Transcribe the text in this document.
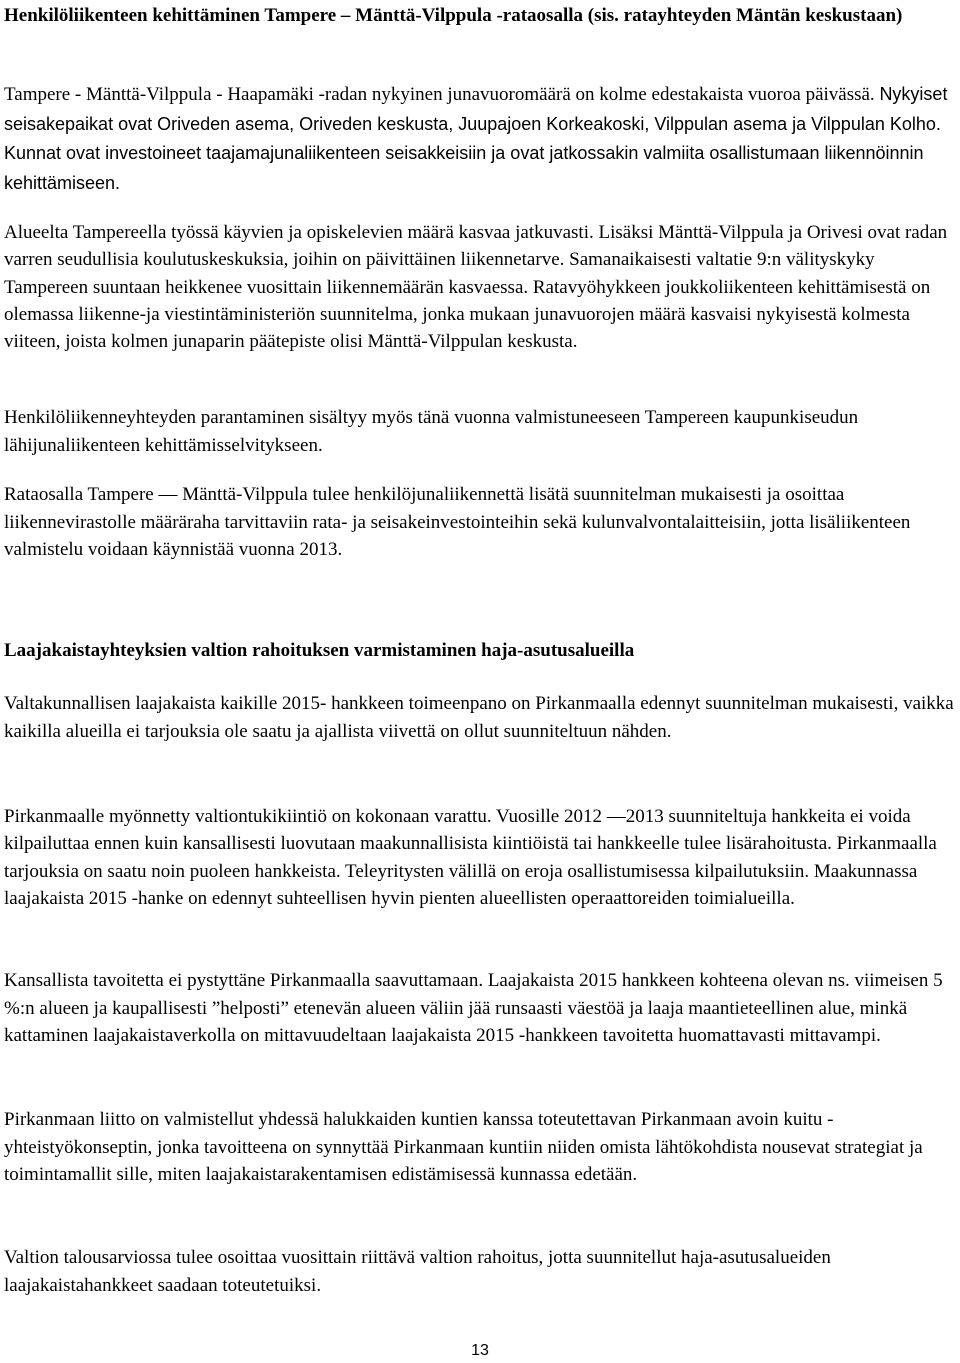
Henkilöliikenteen kehittäminen Tampere – Mänttä-Vilppula -rataosalla (sis. ratayhteyden Mäntän keskustaan)

Tampere - Mänttä-Vilppula - Haapamäki -radan nykyinen junavuoromäärä on kolme edestakaista vuoroa päivässä. Nykyiset seisakepaikat ovat Oriveden asema, Oriveden keskusta, Juupajoen Korkeakoski, Vilppulan asema ja Vilppulan Kolho. Kunnat ovat investoineet taajamajunaliikenteen seisakkeisiin ja ovat jatkossakin valmiita osallistumaan liikennöinnin kehittämiseen.

Alueelta Tampereella työssä käyvien ja opiskelevien määrä kasvaa jatkuvasti. Lisäksi Mänttä-Vilppula ja Orivesi ovat radan varren seudullisia koulutuskeskuksia, joihin on päivittäinen liikennetarve. Samanaikaisesti valtatie 9:n välityskyky Tampereen suuntaan heikkenee vuosittain liikennemäärän kasvaessa. Ratavyöhykkeen joukkoliikenteen kehittämisestä on olemassa liikenne-ja viestintäministeriön suunnitelma, jonka mukaan junavuorojen määrä kasvaisi nykyisestä kolmesta viiteen, joista kolmen junaparin päätepiste olisi Mänttä-Vilppulan keskusta.

Henkilöliikenneyhteyden parantaminen sisältyy myös tänä vuonna valmistuneeseen Tampereen kaupunkiseudun lähijunaliikenteen kehittämisselvitykseen.

Rataosalla Tampere — Mänttä-Vilppula tulee henkilöjunaliikennettä lisätä suunnitelman mukaisesti ja osoittaa liikennevirastolle määräraha tarvittaviin rata- ja seisakeinvestointeihin sekä kulunvalvontalaitteisiin, jotta lisäliikenteen valmistelu voidaan käynnistää vuonna 2013.

Laajakaistayhteyksien valtion rahoituksen varmistaminen haja-asutusalueilla

Valtakunnallisen laajakaista kaikille 2015- hankkeen toimeenpano on Pirkanmaalla edennyt suunnitelman mukaisesti, vaikka kaikilla alueilla ei tarjouksia ole saatu ja ajallista viivettä on ollut suunniteltuun nähden.

Pirkanmaalle myönnetty valtiontukikiintiö on kokonaan varattu. Vuosille 2012 —2013 suunniteltuja hankkeita ei voida kilpailuttaa ennen kuin kansallisesti luovutaan maakunnallisista kiintiöistä tai hankkeelle tulee lisärahoitusta. Pirkanmaalla tarjouksia on saatu noin puoleen hankkeista. Teleyritysten välillä on eroja osallistumisessa kilpailutuksiin. Maakunnassa laajakaista 2015 -hanke on edennyt suhteellisen hyvin pienten alueellisten operaattoreiden toimialueilla.

Kansallista tavoitetta ei pystyttäne Pirkanmaalla saavuttamaan. Laajakaista 2015 hankkeen kohteena olevan ns. viimeisen 5 %:n alueen ja kaupallisesti ”helposti” etenevän alueen väliin jää runsaasti väestöä ja laaja maantieteellinen alue, minkä kattaminen laajakaistaverkolla on mittavuudeltaan laajakaista 2015 -hankkeen tavoitetta huomattavasti mittavampi.

Pirkanmaan liitto on valmistellut yhdessä halukkaiden kuntien kanssa toteutettavan Pirkanmaan avoin kuitu -yhteistyökonseptin, jonka tavoitteena on synnyttää Pirkanmaan kuntiin niiden omista lähtökohdista nousevat strategiat ja toimintamallit sille, miten laajakaistarakentamisen edistämisessä kunnassa edetään.

Valtion talousarviossa tulee osoittaa vuosittain riittävä valtion rahoitus, jotta suunnitellut haja-asutusalueiden laajakaistahankkeet saadaan toteutetuiksi.

13
